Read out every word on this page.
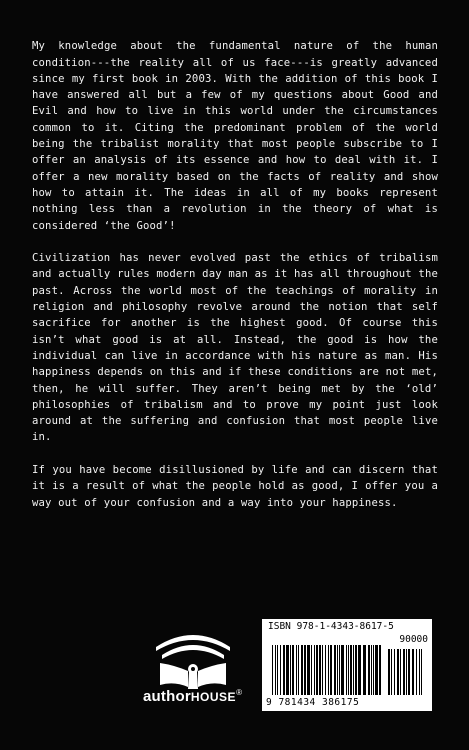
My knowledge about the fundamental nature of the human condition---the reality all of us face---is greatly advanced since my first book in 2003. With the addition of this book I have answered all but a few of my questions about Good and Evil and how to live in this world under the circumstances common to it. Citing the predominant problem of the world being the tribalist morality that most people subscribe to I offer an analysis of its essence and how to deal with it. I offer a new morality based on the facts of reality and show how to attain it. The ideas in all of my books represent nothing less than a revolution in the theory of what is considered ‘the Good’!

Civilization has never evolved past the ethics of tribalism and actually rules modern day man as it has all throughout the past. Across the world most of the teachings of morality in religion and philosophy revolve around the notion that self sacrifice for another is the highest good. Of course this isn’t what good is at all. Instead, the good is how the individual can live in accordance with his nature as man. His happiness depends on this and if these conditions are not met, then, he will suffer. They aren’t being met by the ‘old’ philosophies of tribalism and to prove my point just look around at the suffering and confusion that most people live in.

If you have become disillusioned by life and can discern that it is a result of what the people hold as good, I offer you a way out of your confusion and a way into your happiness.

authorHOUSE®
ISBN 978-1-4343-8617-5
90000
9 781434 386175
